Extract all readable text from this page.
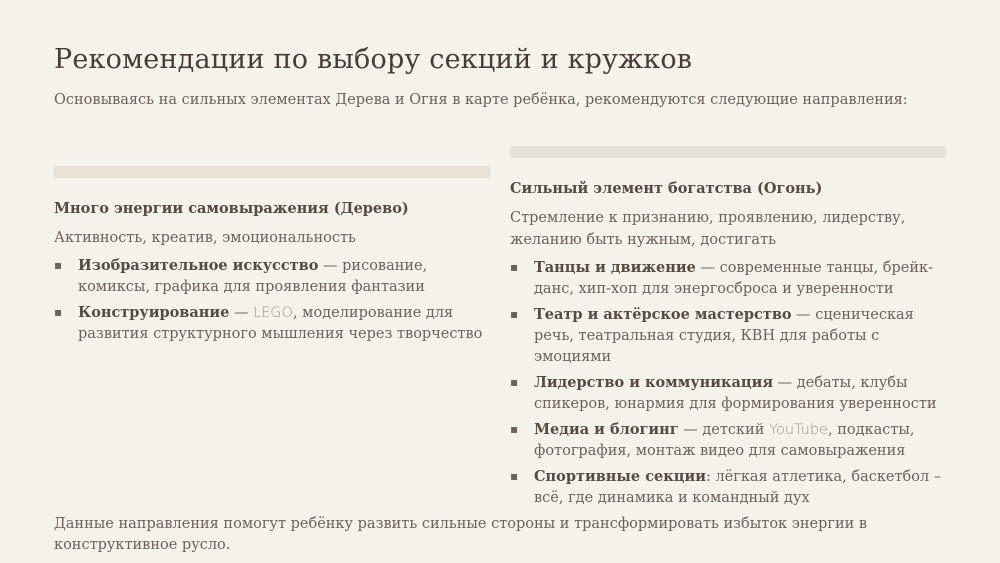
Рекомендации по выбору секций и кружков
Основываясь на сильных элементах Дерева и Огня в карте ребёнка, рекомендуются следующие направления:
Много энергии самовыражения (Дерево)
Активность, креатив, эмоциональность
▪ Изобразительное искусство — рисование, комиксы, графика для проявления фантазии
▪ Конструирование — LEGO, моделирование для развития структурного мышления через творчество
Сильный элемент богатства (Огонь)
Стремление к признанию, проявлению, лидерству, желанию быть нужным, достигать
▪ Танцы и движение — современные танцы, брейк-данс, хип-хоп для энергосброса и уверенности
▪ Театр и актёрское мастерство — сценическая речь, театральная студия, КВН для работы с эмоциями
▪ Лидерство и коммуникация — дебаты, клубы спикеров, юнармия для формирования уверенности
▪ Медиа и блогинг — детский YouTube, подкасты, фотография, монтаж видео для самовыражения
▪ Спортивные секции: лёгкая атлетика, баскетбол – всё, где динамика и командный дух
Данные направления помогут ребёнку развить сильные стороны и трансформировать избыток энергии в конструктивное русло.
